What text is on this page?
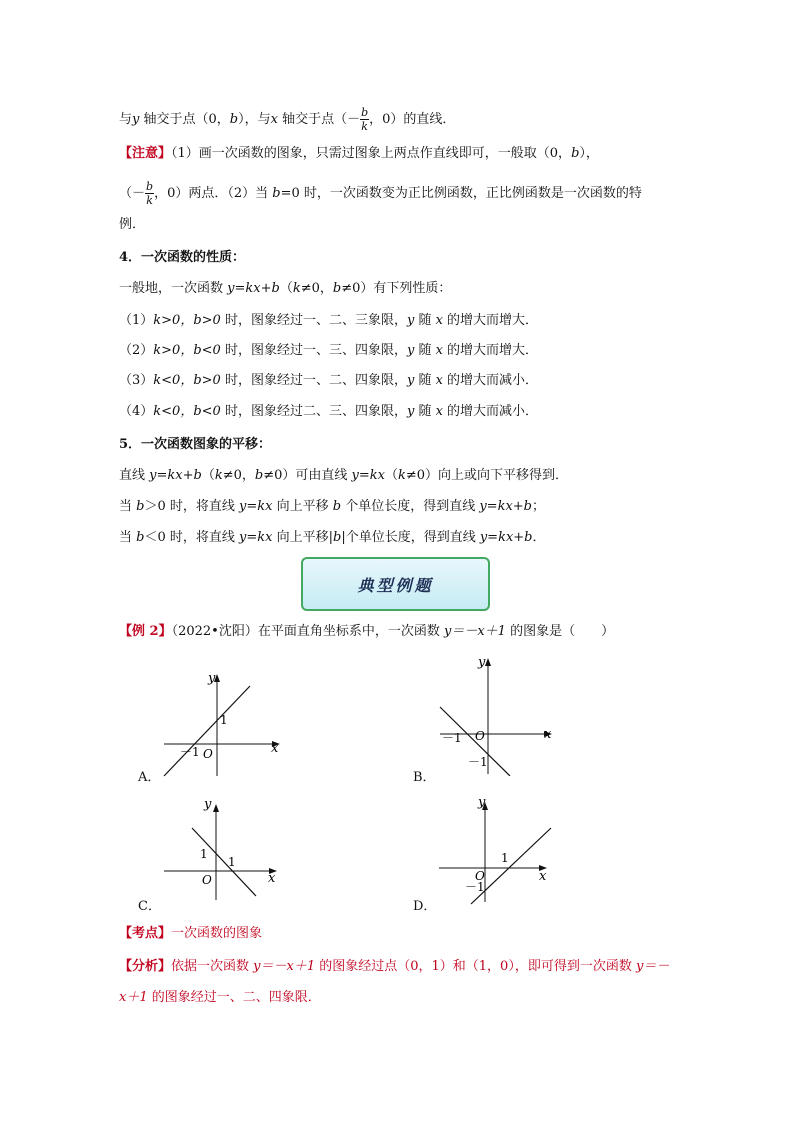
与y 轴交于点（0，b），与x 轴交于点（－ $\frac{b}{k}$ ，0）的直线．
【注意】（1）画一次函数的图象，只需过图象上两点作直线即可，一般取（0，b），
（－ $\frac{b}{k}$ ，0）两点．（2）当 b=0 时，一次函数变为正比例函数，正比例函数是一次函数的特
例．
4．一次函数的性质：
一般地，一次函数 y=kx+b（k≠0，b≠0）有下列性质：
（1）k>0，b>0 时，图象经过一、二、三象限，y 随 x 的增大而增大．
（2）k>0，b<0 时，图象经过一、三、四象限，y 随 x 的增大而增大．
（3）k<0，b>0 时，图象经过一、二、四象限，y 随 x 的增大而减小．
（4）k<0，b<0 时，图象经过二、三、四象限，y 随 x 的增大而减小．
5．一次函数图象的平移：
直线 y=kx+b（k≠0，b≠0）可由直线 y=kx（k≠0）向上或向下平移得到．
当 b＞0 时，将直线 y=kx 向上平移 b 个单位长度，得到直线 y=kx+b；
当 b＜0 时，将直线 y=kx 向上平移|b|个单位长度，得到直线 y=kx+b．
典型例题
【例 2】（2022•沈阳）在平面直角坐标系中，一次函数 y＝－x＋1 的图象是（　　）
x
y
O
1
－1
A．
x
y
O
－1
－1
B．
x
y
O
1
1
C．
x
y
O
1
－1
D．
【考点】一次函数的图象
【分析】依据一次函数 y＝－x＋1 的图象经过点（0，1）和（1，0），即可得到一次函数 y＝－
x＋1 的图象经过一、二、四象限．
